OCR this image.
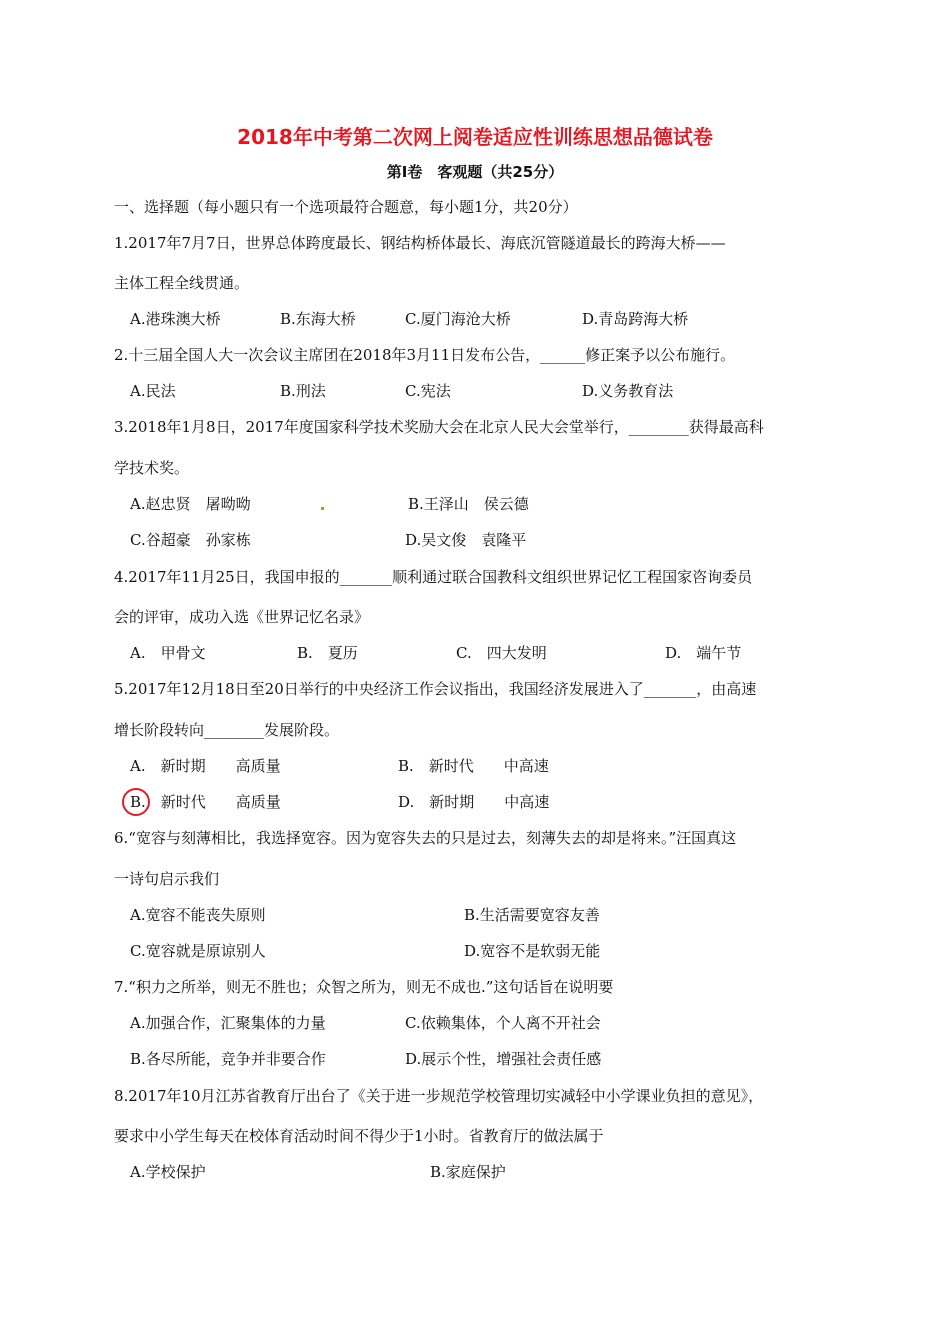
2018年中考第二次网上阅卷适应性训练思想品德试卷
第Ⅰ卷　客观题（共25分）
一、选择题（每小题只有一个选项最符合题意，每小题1分，共20分）
1.2017年7月7日，世界总体跨度最长、钢结构桥体最长、海底沉管隧道最长的跨海大桥——
主体工程全线贯通。
A.港珠澳大桥	B.东海大桥	C.厦门海沧大桥	D.青岛跨海大桥
2.十三届全国人大一次会议主席团在2018年3月11日发布公告，______修正案予以公布施行。
A.民法	B.刑法	C.宪法	D.义务教育法
3.2018年1月8日，2017年度国家科学技术奖励大会在北京人民大会堂举行，________获得最高科
学技术奖。
A.赵忠贤　屠呦呦	B.王泽山　侯云德
C.谷超豪　孙家栋	D.吴文俊　袁隆平
4.2017年11月25日，我国申报的_______顺利通过联合国教科文组织世界记忆工程国家咨询委员
会的评审，成功入选《世界记忆名录》
A.　甲骨文	B.　夏历	C.　四大发明	D.　端午节
5.2017年12月18日至20日举行的中央经济工作会议指出，我国经济发展进入了_______，由高速
增长阶段转向________发展阶段。
A.　新时期　　高质量	B.　新时代　　中高速
B.　新时代　　高质量	D.　新时期　　中高速
6.“宽容与刻薄相比，我选择宽容。因为宽容失去的只是过去，刻薄失去的却是将来。”汪国真这
一诗句启示我们
A.宽容不能丧失原则	B.生活需要宽容友善
C.宽容就是原谅别人	D.宽容不是软弱无能
7.“积力之所举，则无不胜也；众智之所为，则无不成也.”这句话旨在说明要
A.加强合作，汇聚集体的力量	C.依赖集体，个人离不开社会
B.各尽所能，竞争并非要合作	D.展示个性，增强社会责任感
8.2017年10月江苏省教育厅出台了《关于进一步规范学校管理切实减轻中小学课业负担的意见》，
要求中小学生每天在校体育活动时间不得少于1小时。省教育厅的做法属于
A.学校保护	B.家庭保护
